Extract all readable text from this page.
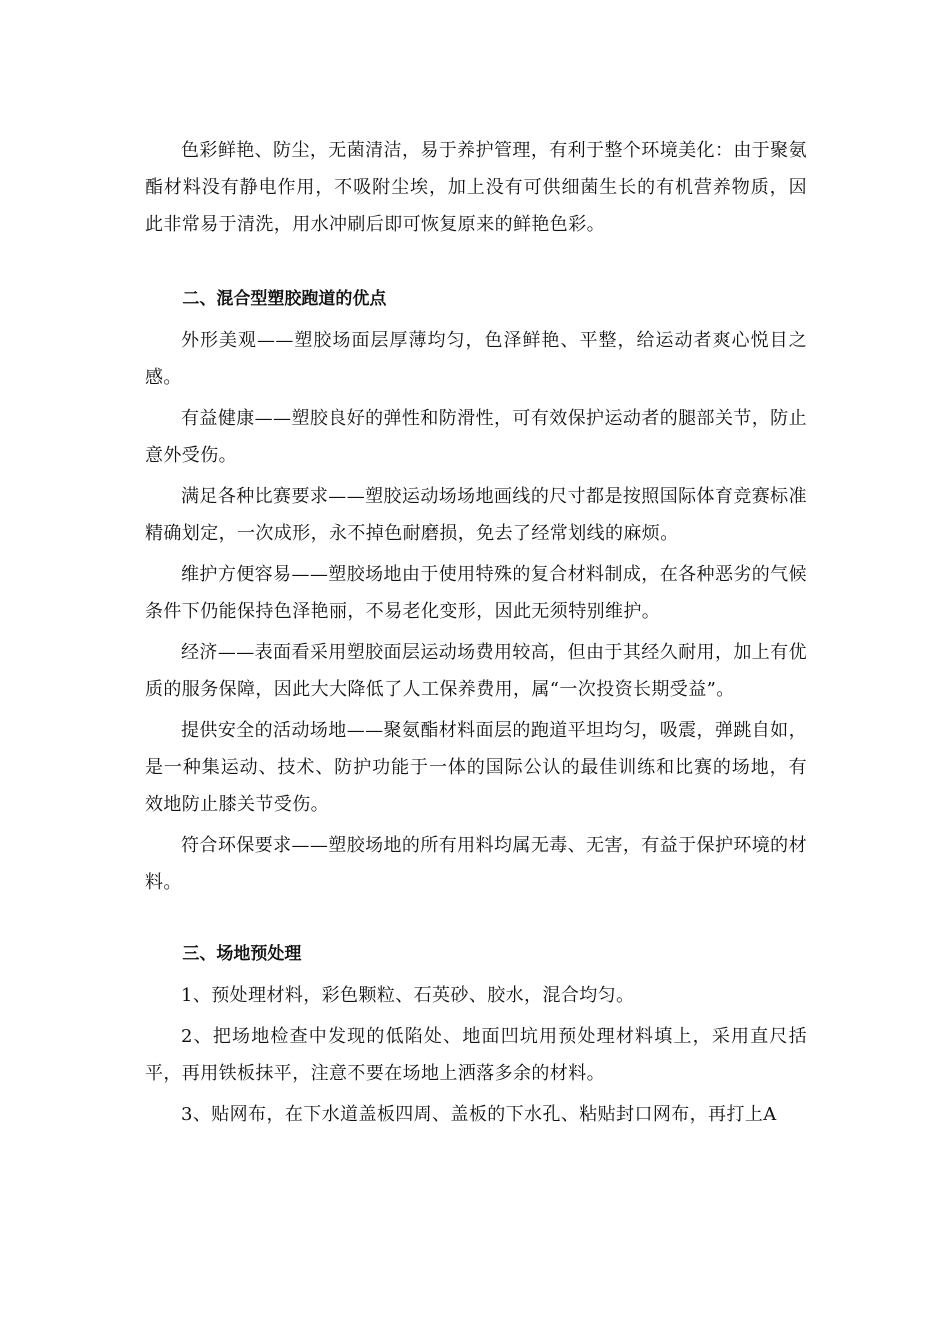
色彩鲜艳、防尘，无菌清洁，易于养护管理，有利于整个环境美化：由于聚氨酯材料没有静电作用，不吸附尘埃，加上没有可供细菌生长的有机营养物质，因此非常易于清洗，用水冲刷后即可恢复原来的鲜艳色彩。

二、混合型塑胶跑道的优点

外形美观——塑胶场面层厚薄均匀，色泽鲜艳、平整，给运动者爽心悦目之感。

有益健康——塑胶良好的弹性和防滑性，可有效保护运动者的腿部关节，防止意外受伤。

满足各种比赛要求——塑胶运动场场地画线的尺寸都是按照国际体育竞赛标准精确划定，一次成形，永不掉色耐磨损，免去了经常划线的麻烦。

维护方便容易——塑胶场地由于使用特殊的复合材料制成，在各种恶劣的气候条件下仍能保持色泽艳丽，不易老化变形，因此无须特别维护。

经济——表面看采用塑胶面层运动场费用较高，但由于其经久耐用，加上有优质的服务保障，因此大大降低了人工保养费用，属“一次投资长期受益”。

提供安全的活动场地——聚氨酯材料面层的跑道平坦均匀，吸震，弹跳自如，是一种集运动、技术、防护功能于一体的国际公认的最佳训练和比赛的场地，有效地防止膝关节受伤。

符合环保要求——塑胶场地的所有用料均属无毒、无害，有益于保护环境的材料。

三、场地预处理

1、预处理材料，彩色颗粒、石英砂、胶水，混合均匀。

2、把场地检查中发现的低陷处、地面凹坑用预处理材料填上，采用直尺括平，再用铁板抹平，注意不要在场地上洒落多余的材料。

3、贴网布，在下水道盖板四周、盖板的下水孔、粘贴封口网布，再打上A
